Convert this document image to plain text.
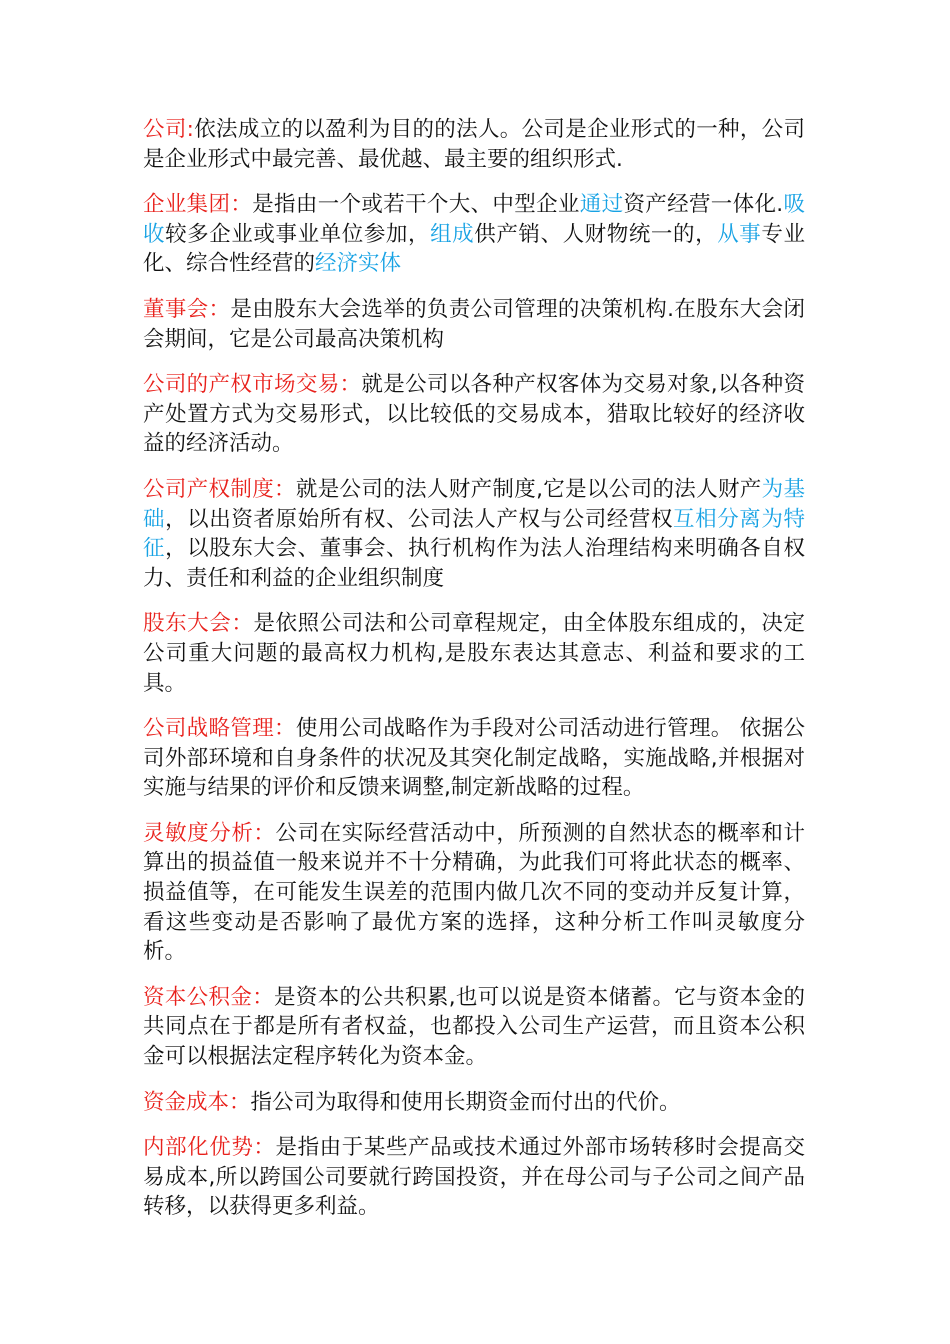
公司:依法成立的以盈利为目的的法人。公司是企业形式的一种，公司是企业形式中最完善、最优越、最主要的组织形式.

企业集团：是指由一个或若干个大、中型企业通过资产经营一体化.吸收较多企业或事业单位参加，组成供产销、人财物统一的，从事专业化、综合性经营的经济实体

董事会：是由股东大会选举的负责公司管理的决策机构.在股东大会闭会期间，它是公司最高决策机构

公司的产权市场交易：就是公司以各种产权客体为交易对象,以各种资产处置方式为交易形式，以比较低的交易成本，猎取比较好的经济收益的经济活动。

公司产权制度：就是公司的法人财产制度,它是以公司的法人财产为基础，以出资者原始所有权、公司法人产权与公司经营权互相分离为特征，以股东大会、董事会、执行机构作为法人治理结构来明确各自权力、责任和利益的企业组织制度

股东大会：是依照公司法和公司章程规定，由全体股东组成的，决定公司重大问题的最高权力机构,是股东表达其意志、利益和要求的工具。

公司战略管理：使用公司战略作为手段对公司活动进行管理。 依据公司外部环境和自身条件的状况及其突化制定战略，实施战略,并根据对实施与结果的评价和反馈来调整,制定新战略的过程。

灵敏度分析：公司在实际经营活动中，所预测的自然状态的概率和计算出的损益值一般来说并不十分精确，为此我们可将此状态的概率、损益值等，在可能发生误差的范围内做几次不同的变动并反复计算，看这些变动是否影响了最优方案的选择，这种分析工作叫灵敏度分析。

资本公积金：是资本的公共积累,也可以说是资本储蓄。它与资本金的共同点在于都是所有者权益，也都投入公司生产运营，而且资本公积金可以根据法定程序转化为资本金。

资金成本：指公司为取得和使用长期资金而付出的代价。

内部化优势：是指由于某些产品或技术通过外部市场转移时会提高交易成本,所以跨国公司要就行跨国投资，并在母公司与子公司之间产品转移，以获得更多利益。
